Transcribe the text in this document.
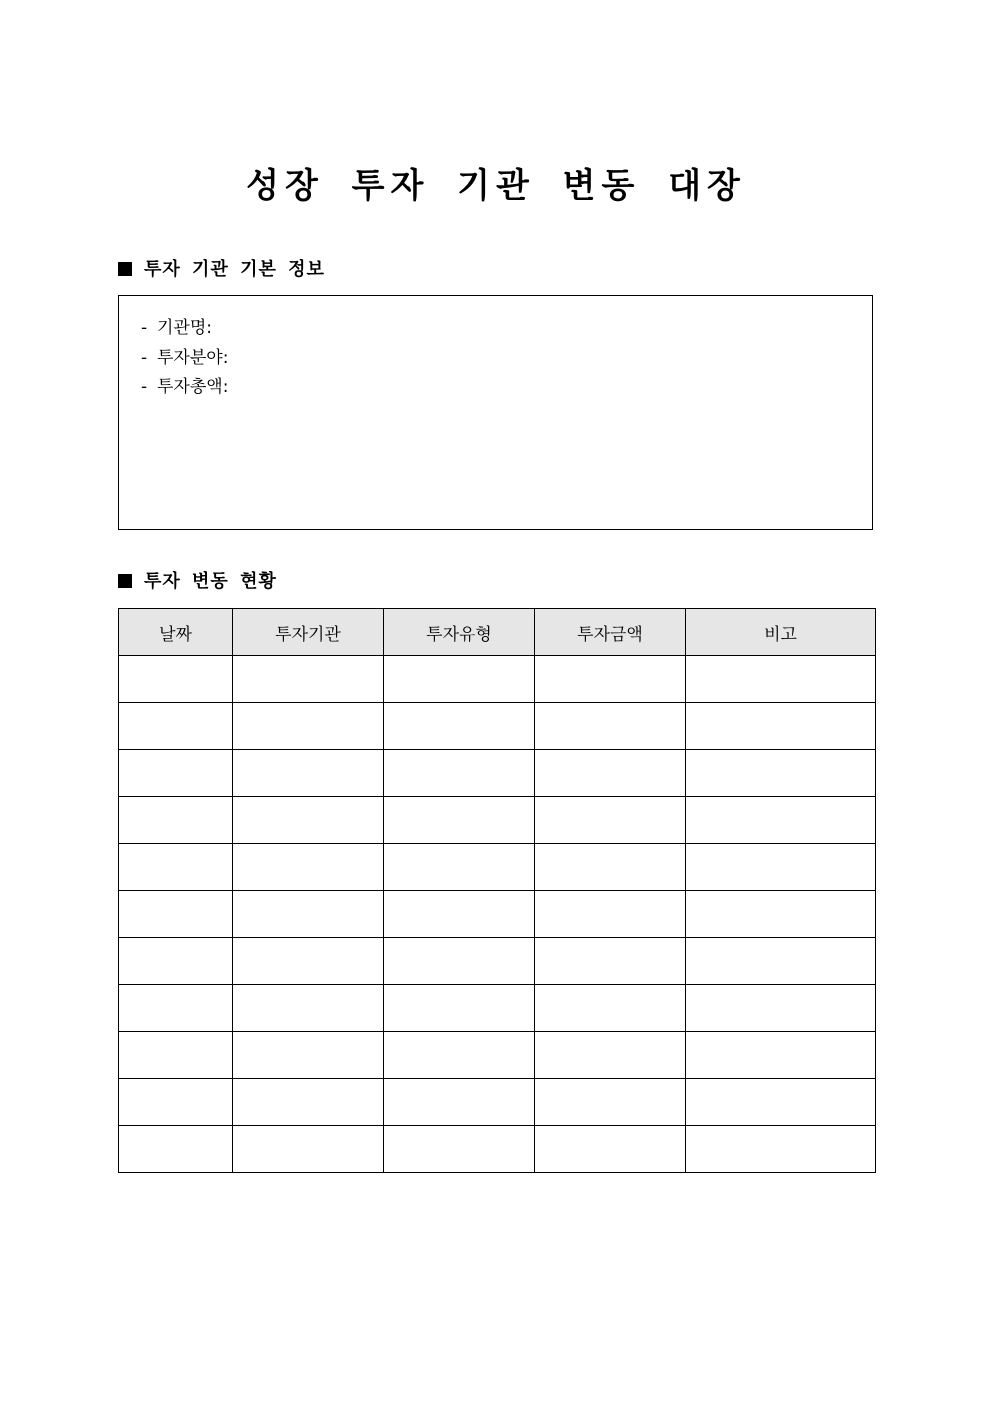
성장 투자 기관 변동 대장
투자 기관 기본 정보
- 기관명:
- 투자분야:
- 투자총액:
투자 변동 현황
날짜	투자기관	투자유형	투자금액	비고
